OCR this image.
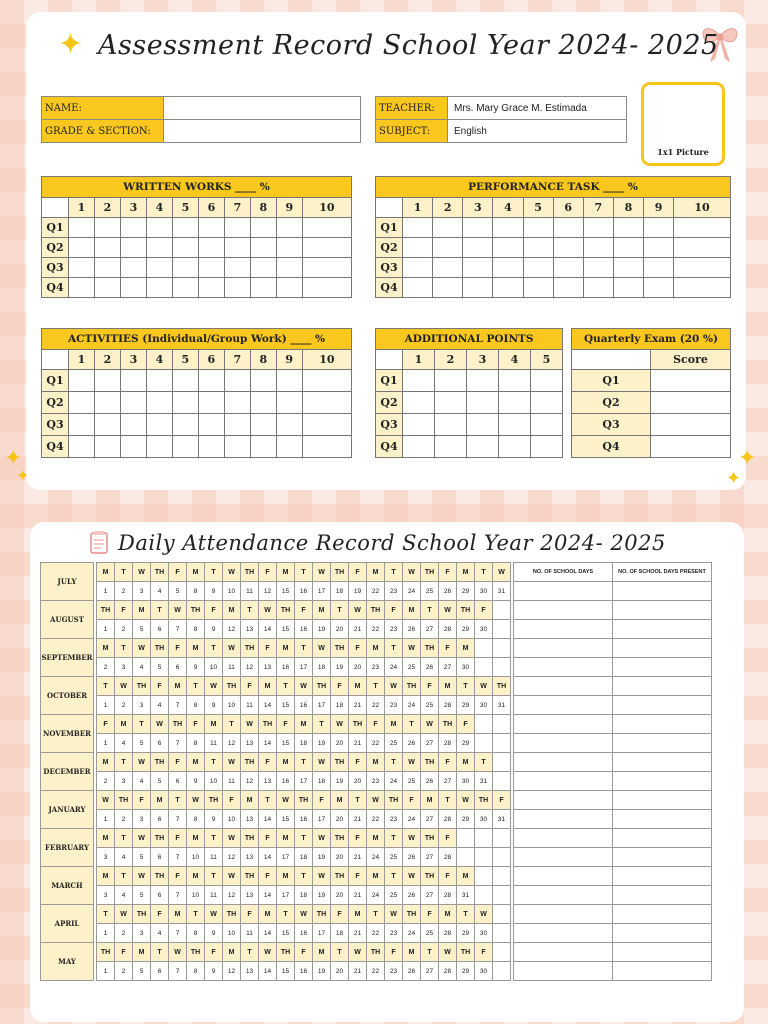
✦
✦
✦
✦
✦
Assessment Record School Year 2024- 2025
Daily Attendance Record School Year 2024- 2025
NAME:	
GRADE & SECTION:	
TEACHER:	Mrs. Mary Grace M. Estimada
SUBJECT:	English
1x1 Picture
WRITTEN WORKS ____ %										
	1	2	3	4	5	6	7	8	9	10
Q1										
Q2										
Q3										
Q4										
PERFORMANCE TASK ____ %										
	1	2	3	4	5	6	7	8	9	10
Q1										
Q2										
Q3										
Q4										
ACTIVITIES (Individual/Group Work) ____ %										
	1	2	3	4	5	6	7	8	9	10
Q1										
Q2										
Q3										
Q4										
ADDITIONAL POINTS					
	1	2	3	4	5
Q1					
Q2					
Q3					
Q4					
Quarterly Exam (20 %)	
	Score
Q1	
Q2	
Q3	
Q4	
JULY		M	T	W	TH	F	M	T	W	TH	F	M	T	W	TH	F	M	T	W	TH	F	M	T	W		NO. OF SCHOOL DAYS	NO. OF SCHOOL DAYS PRESENT
		1	2	3	4	5	8	9	10	11	12	15	16	17	18	19	22	23	24	25	26	29	30	31			
AUGUST		TH	F	M	T	W	TH	F	M	T	W	TH	F	M	T	W	TH	F	M	T	W	TH	F				
		1	2	5	6	7	8	9	12	13	14	15	16	19	20	21	22	23	26	27	28	29	30				
SEPTEMBER		M	T	W	TH	F	M	T	W	TH	F	M	T	W	TH	F	M	T	W	TH	F	M					
		2	3	4	5	6	9	10	11	12	13	16	17	18	19	20	23	24	25	26	27	30					
OCTOBER		T	W	TH	F	M	T	W	TH	F	M	T	W	TH	F	M	T	W	TH	F	M	T	W	TH			
		1	2	3	4	7	8	9	10	11	14	15	16	17	18	21	22	23	24	25	28	29	30	31			
NOVEMBER		F	M	T	W	TH	F	M	T	W	TH	F	M	T	W	TH	F	M	T	W	TH	F					
		1	4	5	6	7	8	11	12	13	14	15	18	19	20	21	22	25	26	27	28	29					
DECEMBER		M	T	W	TH	F	M	T	W	TH	F	M	T	W	TH	F	M	T	W	TH	F	M	T				
		2	3	4	5	6	9	10	11	12	13	16	17	18	19	20	23	24	25	26	27	30	31				
JANUARY		W	TH	F	M	T	W	TH	F	M	T	W	TH	F	M	T	W	TH	F	M	T	W	TH	F			
		1	2	3	6	7	8	9	10	13	14	15	16	17	20	21	22	23	24	27	28	29	30	31			
FEBRUARY		M	T	W	TH	F	M	T	W	TH	F	M	T	W	TH	F	M	T	W	TH	F						
		3	4	5	6	7	10	11	12	13	14	17	18	19	20	21	24	25	26	27	28						
MARCH		M	T	W	TH	F	M	T	W	TH	F	M	T	W	TH	F	M	T	W	TH	F	M					
		3	4	5	6	7	10	11	12	13	14	17	18	19	20	21	24	25	26	27	28	31					
APRIL		T	W	TH	F	M	T	W	TH	F	M	T	W	TH	F	M	T	W	TH	F	M	T	W				
		1	2	3	4	7	8	9	10	11	14	15	16	17	18	21	22	23	24	25	28	29	30				
MAY		TH	F	M	T	W	TH	F	M	T	W	TH	F	M	T	W	TH	F	M	T	W	TH	F				
		1	2	5	6	7	8	9	12	13	14	15	16	19	20	21	22	23	26	27	28	29	30				
